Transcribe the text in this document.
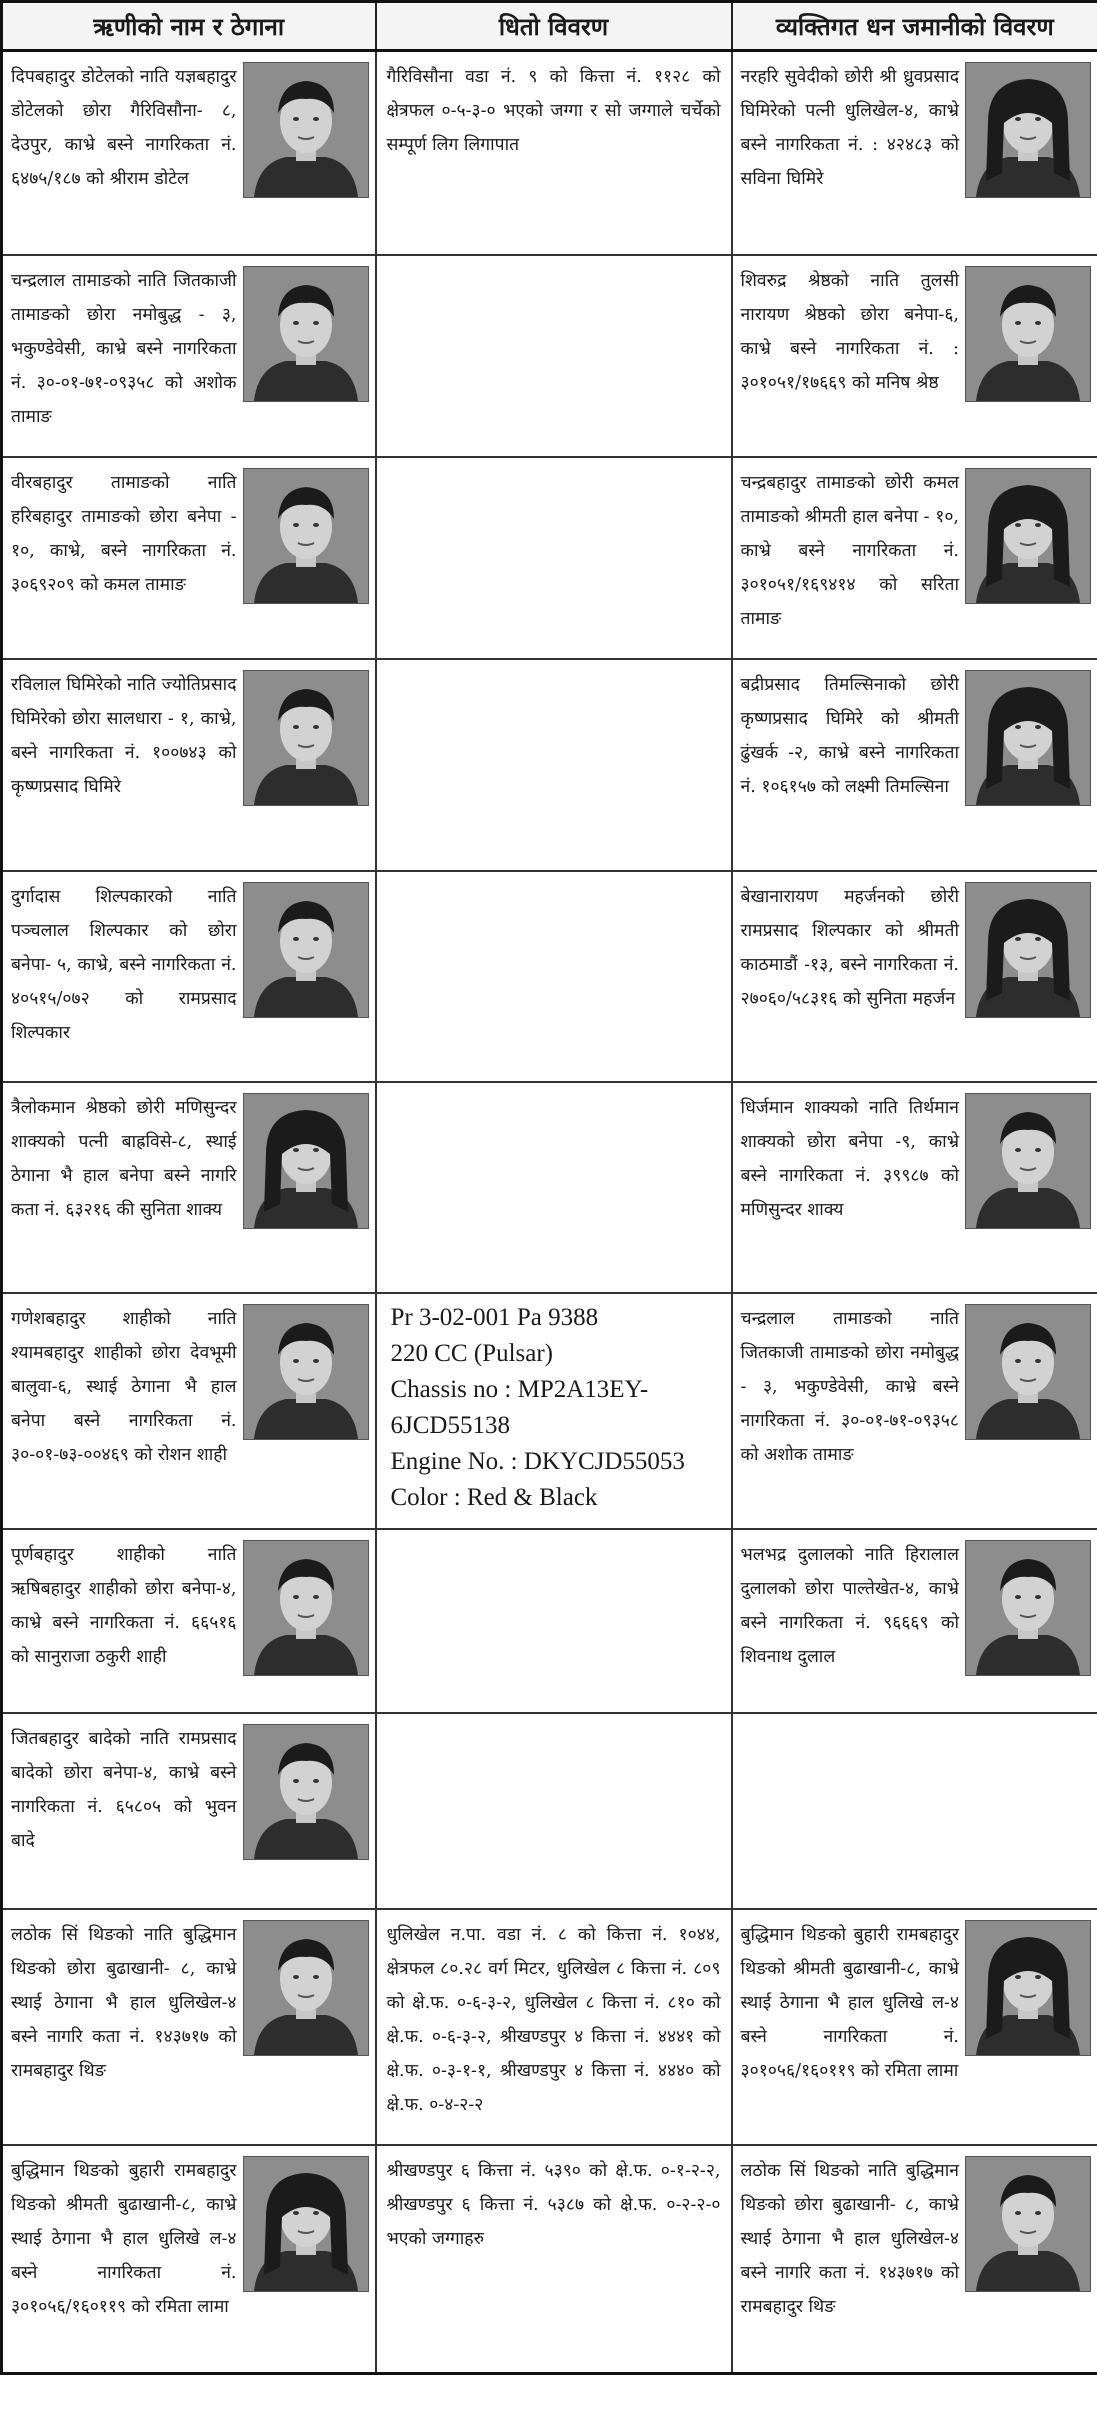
ऋणीको नाम र ठेगाना	धितो विवरण	व्यक्तिगत धन जमानीको विवरण

दिपबहादुर डोटेलको नाति यज्ञबहादुर डोटेलको छोरा गैरिविसौना- ८, देउपुर, काभ्रे बस्ने नागरिकता नं. ६४७५/१८७ को श्रीराम डोटेल	गैरिविसौना वडा नं. ९ को कित्ता नं. ११२८ को क्षेत्रफल ०-५-३-० भएको जग्गा र सो जग्गाले चर्चेको सम्पूर्ण लिग लिगापात	नरहरि सुवेदीको छोरी श्री ध्रुवप्रसाद घिमिरेको पत्नी धुलिखेल-४, काभ्रे बस्ने नागरिकता नं. : ४२४८३ को सविना घिमिरे

चन्द्रलाल तामाङको नाति जितकाजी तामाङको छोरा नमोबुद्ध - ३, भकुण्डेवेसी, काभ्रे बस्ने नागरिकता नं. ३०-०१-७१-०९३५८ को अशोक तामाङ		शिवरुद्र श्रेष्ठको नाति तुलसी नारायण श्रेष्ठको छोरा बनेपा-६, काभ्रे बस्ने नागरिकता नं. : ३०१०५१/१७६६९ को मनिष श्रेष्ठ

वीरबहादुर तामाङको नाति हरिबहादुर तामाङको छोरा बनेपा - १०, काभ्रे, बस्ने नागरिकता नं. ३०६९२०९ को कमल तामाङ		चन्द्रबहादुर तामाङको छोरी कमल तामाङको श्रीमती हाल बनेपा - १०, काभ्रे बस्ने नागरिकता नं. ३०१०५१/१६९४१४ को सरिता तामाङ

रविलाल घिमिरेको नाति ज्योतिप्रसाद घिमिरेको छोरा सालधारा - १, काभ्रे, बस्ने नागरिकता नं. १००७४३ को कृष्णप्रसाद घिमिरे		बद्रीप्रसाद तिमल्सिनाको छोरी कृष्णप्रसाद घिमिरे को श्रीमती ढुंखर्क -२, काभ्रे बस्ने नागरिकता नं. १०६१५७ को लक्ष्मी तिमल्सिना

दुर्गादास शिल्पकारको नाति पञ्चलाल शिल्पकार को छोरा बनेपा- ५, काभ्रे, बस्ने नागरिकता नं. ४०५१५/०७२ को रामप्रसाद शिल्पकार		बेखानारायण महर्जनको छोरी रामप्रसाद शिल्पकार को श्रीमती काठमाडौं -१३, बस्ने नागरिकता नं. २७०६०/५८३१६ को सुनिता महर्जन

त्रैलोकमान श्रेष्ठको छोरी मणिसुन्दर शाक्यको पत्नी बाह्रविसे-८, स्थाई ठेगाना भै हाल बनेपा बस्ने नागरि कता नं. ६३२१६ की सुनिता शाक्य		धिर्जमान शाक्यको नाति तिर्थमान शाक्यको छोरा बनेपा -९, काभ्रे बस्ने नागरिकता नं. ३९९८७ को मणिसुन्दर शाक्य

गणेशबहादुर शाहीको नाति श्यामबहादुर शाहीको छोरा देवभूमी बालुवा-६, स्थाई ठेगाना भै हाल बनेपा बस्ने नागरिकता नं. ३०-०१-७३-००४६९ को रोशन शाही	Pr 3-02-001 Pa 9388
220 CC (Pulsar)
Chassis no : MP2A13EY-6JCD55138
Engine No. : DKYCJD55053
Color : Red & Black	चन्द्रलाल तामाङको नाति जितकाजी तामाङको छोरा नमोबुद्ध - ३, भकुण्डेवेसी, काभ्रे बस्ने नागरिकता नं. ३०-०१-७१-०९३५८ को अशोक तामाङ

पूर्णबहादुर शाहीको नाति ऋषिबहादुर शाहीको छोरा बनेपा-४, काभ्रे बस्ने नागरिकता नं. ६६५१६ को सानुराजा ठकुरी शाही		भलभद्र दुलालको नाति हिरालाल दुलालको छोरा पाल्तेखेत-४, काभ्रे बस्ने नागरिकता नं. ९६६६९ को शिवनाथ दुलाल

जितबहादुर बादेको नाति रामप्रसाद बादेको छोरा बनेपा-४, काभ्रे बस्ने नागरिकता नं. ६५८०५ को भुवन बादे		

लठोक सिं थिङको नाति बुद्धिमान थिङको छोरा बुढाखानी- ८, काभ्रे स्थाई ठेगाना भै हाल धुलिखेल-४ बस्ने नागरि कता नं. १४३७१७ को रामबहादुर थिङ	धुलिखेल न.पा. वडा नं. ८ को कित्ता नं. १०४४, क्षेत्रफल ८०.२८ वर्ग मिटर, धुलिखेल ८ कित्ता नं. ८०९ को क्षे.फ. ०-६-३-२, धुलिखेल ८ कित्ता नं. ८१० को क्षे.फ. ०-६-३-२, श्रीखण्डपुर ४ कित्ता नं. ४४४१ को क्षे.फ. ०-३-१-१, श्रीखण्डपुर ४ कित्ता नं. ४४४० को क्षे.फ. ०-४-२-२	बुद्धिमान थिङको बुहारी रामबहादुर थिङको श्रीमती बुढाखानी-८, काभ्रे स्थाई ठेगाना भै हाल धुलिखे ल-४ बस्ने नागरिकता नं. ३०१०५६/१६०११९ को रमिता लामा

बुद्धिमान थिङको बुहारी रामबहादुर थिङको श्रीमती बुढाखानी-८, काभ्रे स्थाई ठेगाना भै हाल धुलिखे ल-४ बस्ने नागरिकता नं. ३०१०५६/१६०११९ को रमिता लामा	श्रीखण्डपुर ६ कित्ता नं. ५३९० को क्षे.फ. ०-१-२-२, श्रीखण्डपुर ६ कित्ता नं. ५३८७ को क्षे.फ. ०-२-२-० भएको जग्गाहरु	लठोक सिं थिङको नाति बुद्धिमान थिङको छोरा बुढाखानी- ८, काभ्रे स्थाई ठेगाना भै हाल धुलिखेल-४ बस्ने नागरि कता नं. १४३७१७ को रामबहादुर थिङ
